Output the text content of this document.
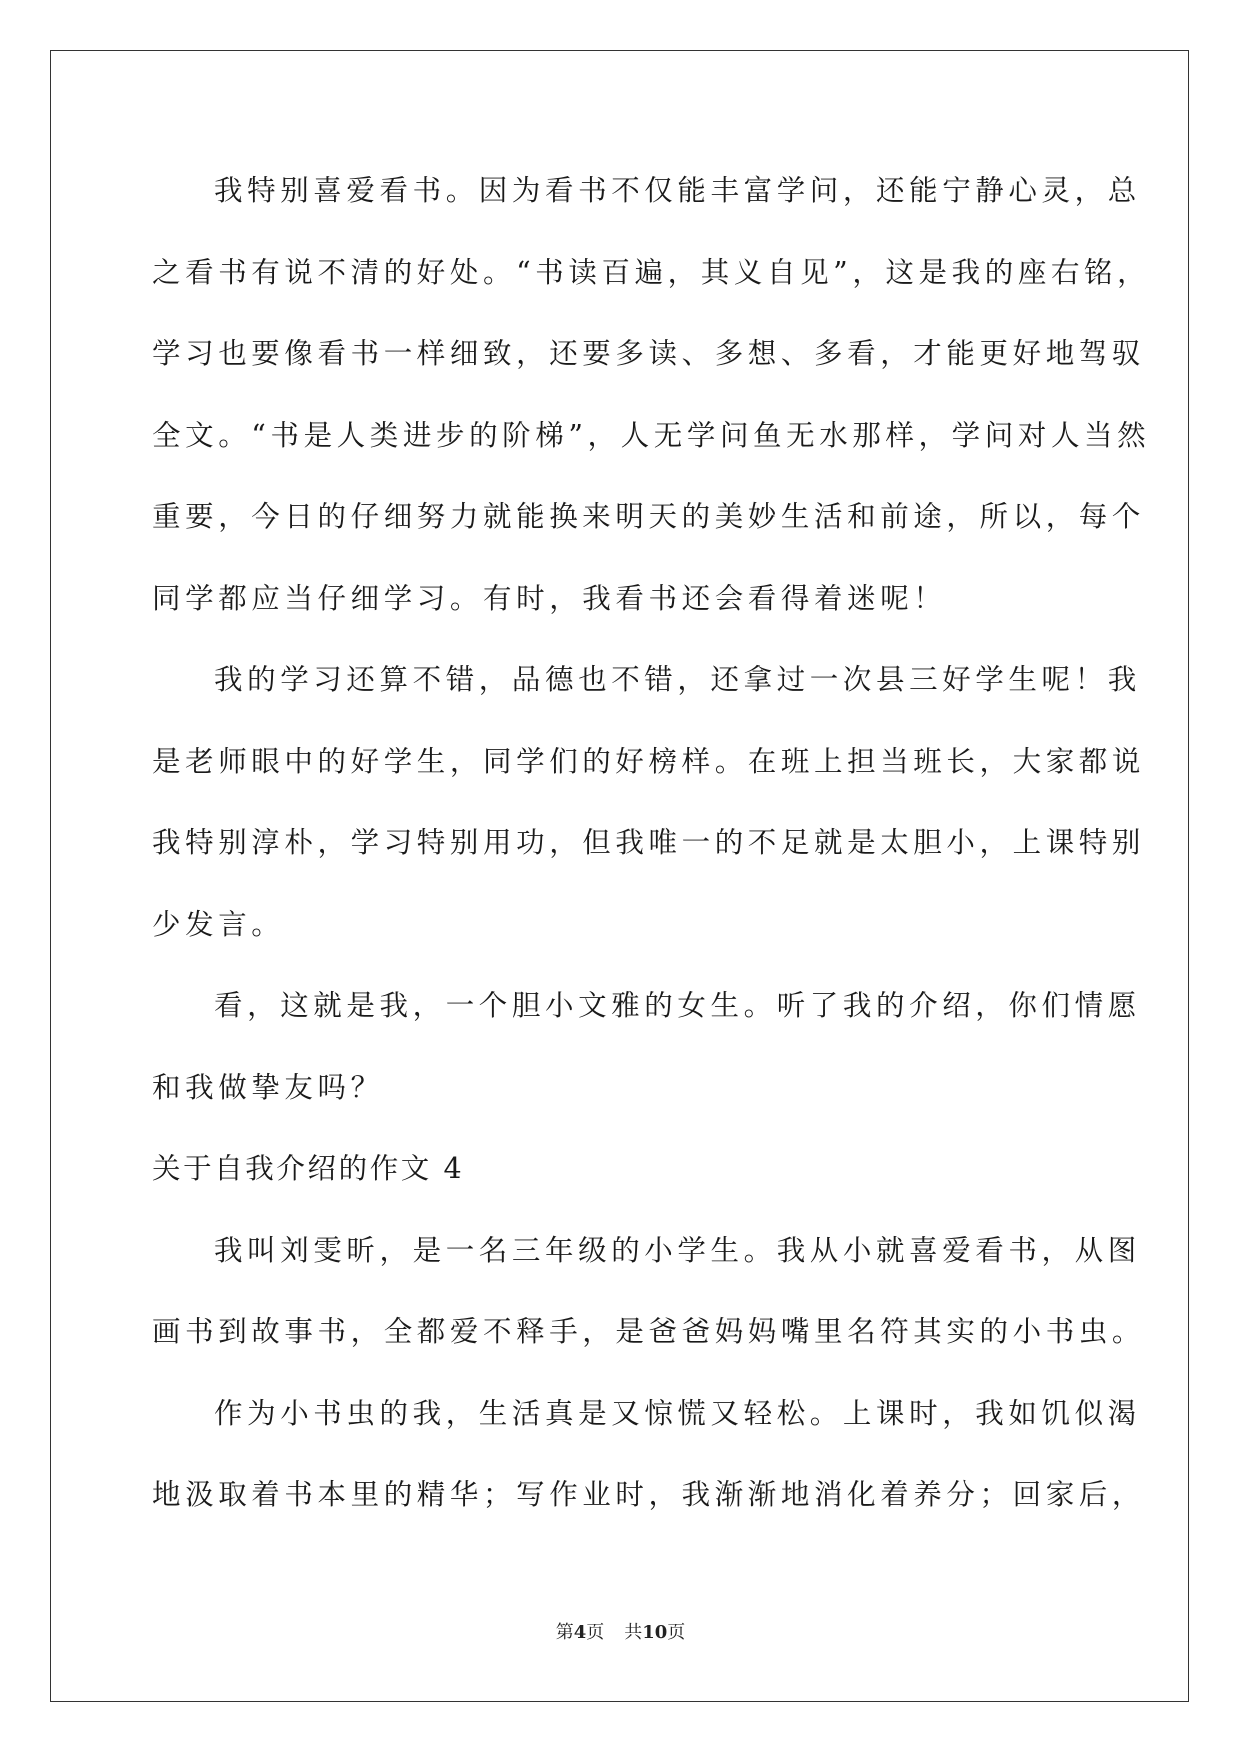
我特别喜爱看书。因为看书不仅能丰富学问，还能宁静心灵，总
之看书有说不清的好处。“书读百遍，其义自见”，这是我的座右铭，
学习也要像看书一样细致，还要多读、多想、多看，才能更好地驾驭
全文。“书是人类进步的阶梯”，人无学问鱼无水那样，学问对人当然
重要，今日的仔细努力就能换来明天的美妙生活和前途，所以，每个
同学都应当仔细学习。有时，我看书还会看得着迷呢！
我的学习还算不错，品德也不错，还拿过一次县三好学生呢！我
是老师眼中的好学生，同学们的好榜样。在班上担当班长，大家都说
我特别淳朴，学习特别用功，但我唯一的不足就是太胆小，上课特别
少发言。
看，这就是我，一个胆小文雅的女生。听了我的介绍，你们情愿
和我做挚友吗？
关于自我介绍的作文 4
我叫刘雯昕，是一名三年级的小学生。我从小就喜爱看书，从图
画书到故事书，全都爱不释手，是爸爸妈妈嘴里名符其实的小书虫。
作为小书虫的我，生活真是又惊慌又轻松。上课时，我如饥似渴
地汲取着书本里的精华；写作业时，我渐渐地消化着养分；回家后，
第4页 共10页
